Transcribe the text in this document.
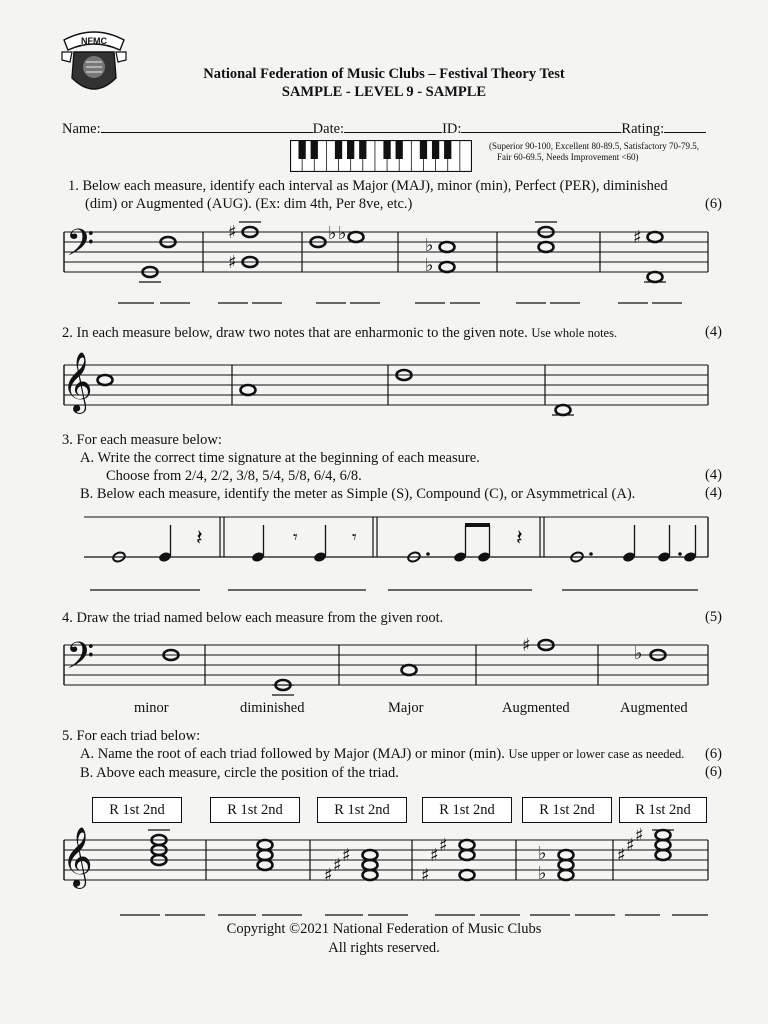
NFMC
National Federation of Music Clubs – Festival Theory Test
SAMPLE - LEVEL 9 - SAMPLE
Name:	Date:	ID:	Rating:
(Superior 90-100, Excellent 80-89.5, Satisfactory 70-79.5,
Fair 60-69.5, Needs Improvement <60)
1. Below each measure, identify each interval as Major (MAJ), minor (min), Perfect (PER), diminished
(dim) or Augmented (AUG). (Ex: dim 4th, Per 8ve, etc.)	(6)
2. In each measure below, draw two notes that are enharmonic to the given note. Use whole notes.	(4)
3. For each measure below:
A. Write the correct time signature at the beginning of each measure.
Choose from 2/4, 2/2, 3/8, 5/4, 5/8, 6/4, 6/8.	(4)
B. Below each measure, identify the meter as Simple (S), Compound (C), or Asymmetrical (A).	(4)
4. Draw the triad named below each measure from the given root.	(5)
minor	diminished	Major	Augmented	Augmented
5. For each triad below:
A. Name the root of each triad followed by Major (MAJ) or minor (min). Use upper or lower case as needed. (6)
B. Above each measure, circle the position of the triad.	(6)
R 1st 2nd	R 1st 2nd	R 1st 2nd	R 1st 2nd	R 1st 2nd	R 1st 2nd
Copyright ©2021 National Federation of Music Clubs
All rights reserved.
𝄢	♯
♯
♭ ♭
♭
♭
♯
𝄞
𝄽	𝄾	𝄾	𝄽
𝄢	♯	♭
𝄞	♯
♯
♯
♯
♯
♯
♭
♭
♯
♯
♯
